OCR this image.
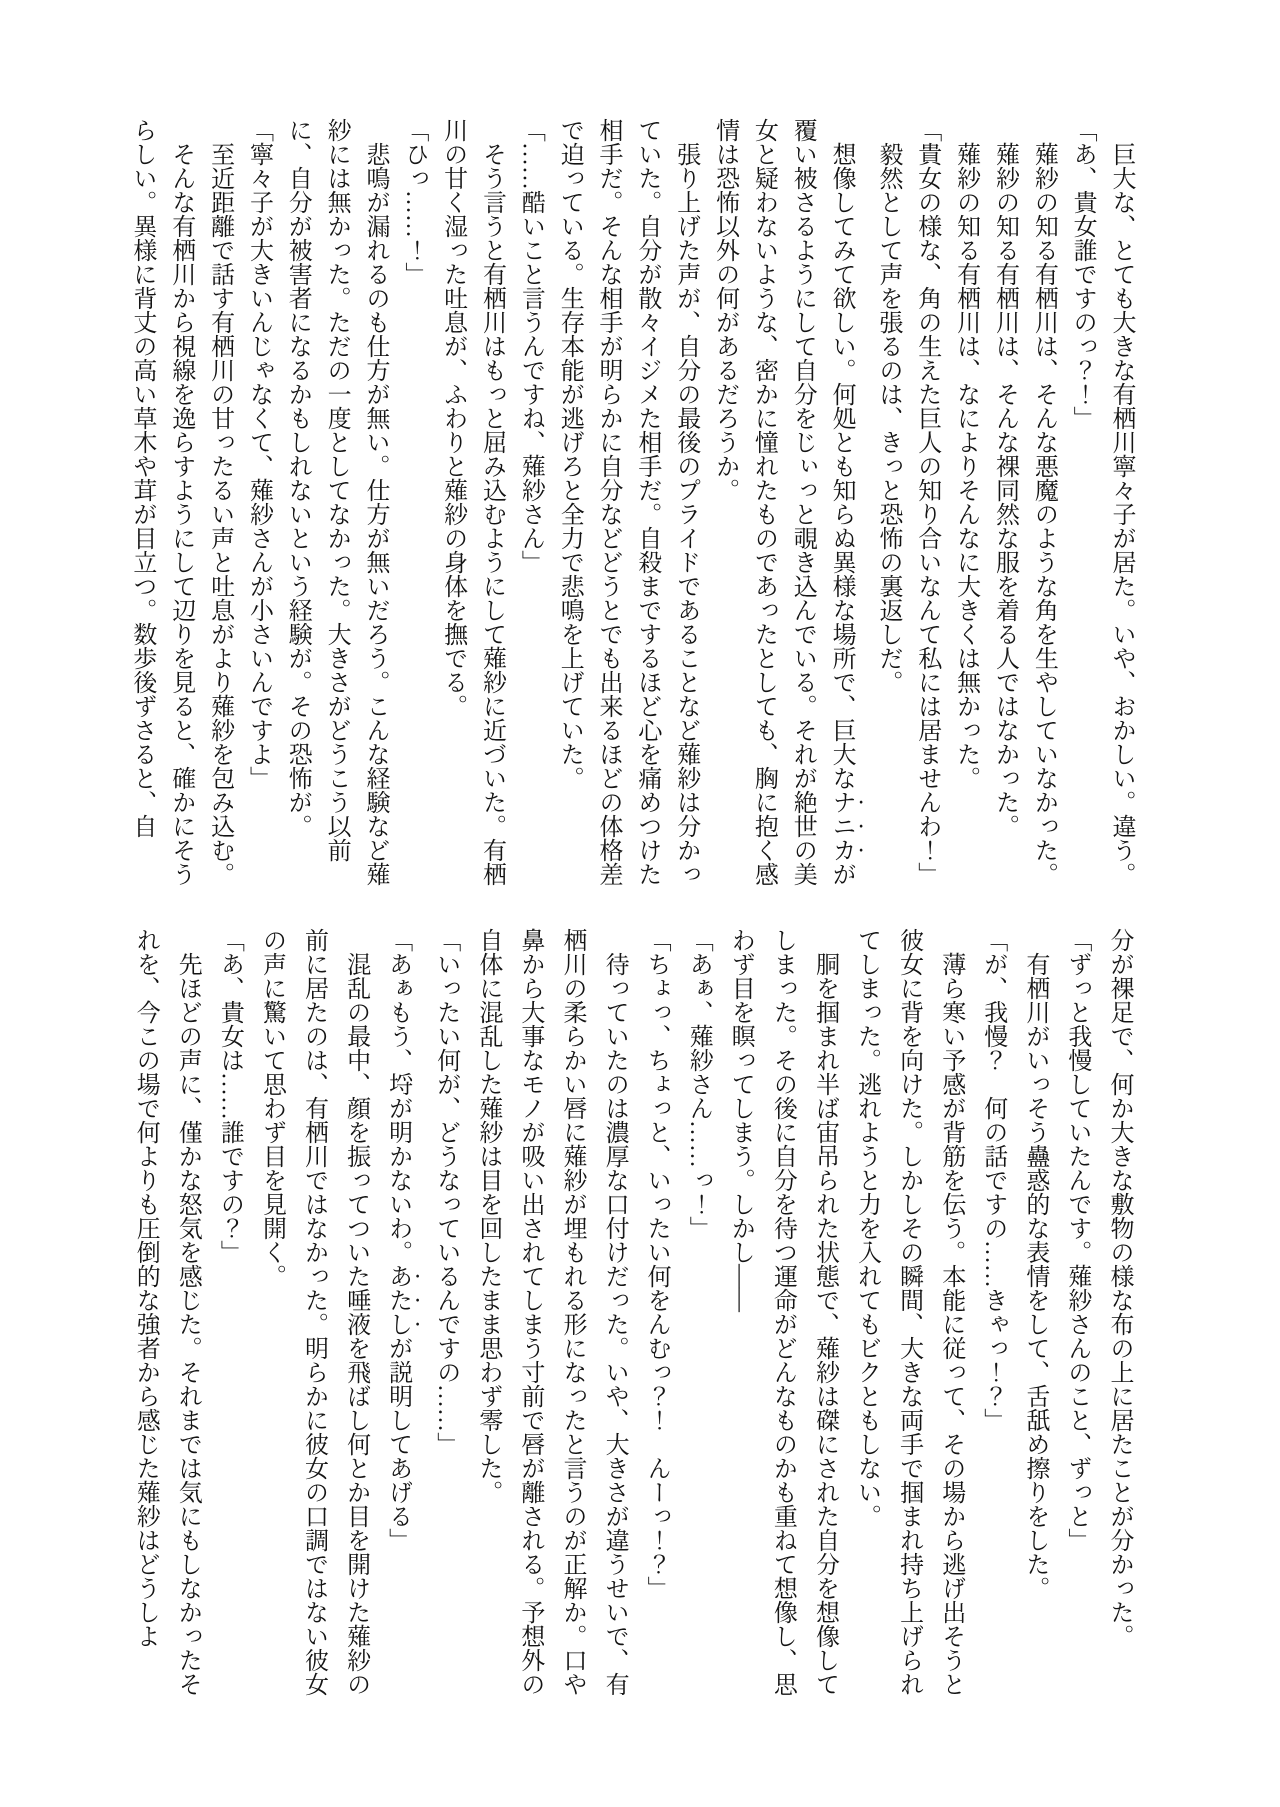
巨大な、とても大きな有栖川寧々子が居た。いや、おかしい。違う。

「あ、貴女誰ですのっ？！」

薙紗の知る有栖川は、そんな悪魔のような角を生やしていなかった。

薙紗の知る有栖川は、そんな裸同然な服を着る人ではなかった。

薙紗の知る有栖川は、なによりそんなに大きくは無かった。

「貴女の様な、角の生えた巨人の知り合いなんて私には居ませんわ！」

毅然として声を張るのは、きっと恐怖の裏返しだ。

想像してみて欲しい。何処とも知らぬ異様な場所で、巨大なナニカが覆い被さるようにして自分をじぃっと覗き込んでいる。それが絶世の美女と疑わないような、密かに憧れたものであったとしても、胸に抱く感情は恐怖以外の何があるだろうか。

張り上げた声が、自分の最後のプライドであることなど薙紗は分かっていた。自分が散々イジメた相手だ。自殺までするほど心を痛めつけた相手だ。そんな相手が明らかに自分などどうとでも出来るほどの体格差で迫っている。生存本能が逃げろと全力で悲鳴を上げていた。

「……酷いこと言うんですね、薙紗さん」

そう言うと有栖川はもっと屈み込むようにして薙紗に近づいた。有栖川の甘く湿った吐息が、ふわりと薙紗の身体を撫でる。

「ひっ……！」

悲鳴が漏れるのも仕方が無い。仕方が無いだろう。こんな経験など薙紗には無かった。ただの一度としてなかった。大きさがどうこう以前に、自分が被害者になるかもしれないという経験が。その恐怖が。

「寧々子が大きいんじゃなくて、薙紗さんが小さいんですよ」

至近距離で話す有栖川の甘ったるい声と吐息がより薙紗を包み込む。

そんな有栖川から視線を逸らすようにして辺りを見ると、確かにそうらしい。異様に背丈の高い草木や茸が目立つ。数歩後ずさると、自

分が裸足で、何か大きな敷物の様な布の上に居たことが分かった。

「ずっと我慢していたんです。薙紗さんのこと、ずっと」

有栖川がいっそう蠱惑的な表情をして、舌舐め擦りをした。

「が、我慢？　何の話ですの……きゃっ！？」

薄ら寒い予感が背筋を伝う。本能に従って、その場から逃げ出そうと彼女に背を向けた。しかしその瞬間、大きな両手で掴まれ持ち上げられてしまった。逃れようと力を入れてもビクともしない。

胴を掴まれ半ば宙吊られた状態で、薙紗は磔にされた自分を想像してしまった。その後に自分を待つ運命がどんなものかも重ねて想像し、思わず目を瞑ってしまう。しかし――

「あぁ、薙紗さん……っ！」

「ちょっ、ちょっと、いったい何をんむっ？！　んーっ！？」

待っていたのは濃厚な口付けだった。いや、大きさが違うせいで、有栖川の柔らかい唇に薙紗が埋もれる形になったと言うのが正解か。口や鼻から大事なモノが吸い出されてしまう寸前で唇が離される。予想外の自体に混乱した薙紗は目を回したまま思わず零した。

「いったい何が、どうなっているんですの……」

「あぁもう、埒が明かないわ。あたしが説明してあげる」

混乱の最中、顔を振ってついた唾液を飛ばし何とか目を開けた薙紗の前に居たのは、有栖川ではなかった。明らかに彼女の口調ではない彼女の声に驚いて思わず目を見開く。

「あ、貴女は……誰ですの？」

先ほどの声に、僅かな怒気を感じた。それまでは気にもしなかったそれを、今この場で何よりも圧倒的な強者から感じた薙紗はどうしよ
